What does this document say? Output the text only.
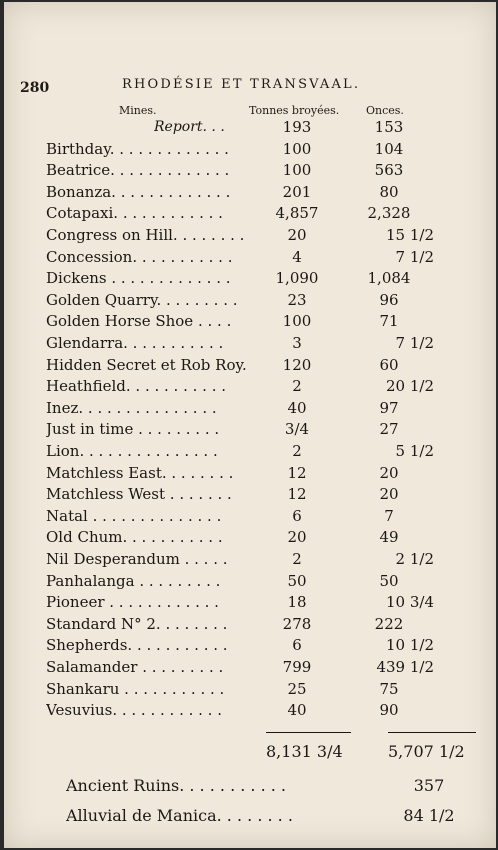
280	RHODÉSIE ET TRANSVAAL.
Mines.	Tonnes broyées. Onces.
Report. . .	193	153
Birthday. . . . . . . . . . . . .	100	104
Beatrice. . . . . . . . . . . . .	100	563
Bonanza. . . . . . . . . . . . .	201	80
Cotapaxi. . . . . . . . . . . .	4,857	2,328
Congress on Hill. . . . . . . .	20	15 1/2
Concession. . . . . . . . . . .	4	7 1/2
Dickens . . . . . . . . . . . . .	1,090	1,084
Golden Quarry. . . . . . . . .	23	96
Golden Horse Shoe . . . .	100	71
Glendarra. . . . . . . . . . .	3	7 1/2
Hidden Secret et Rob Roy.	120	60
Heathfield. . . . . . . . . . .	2	20 1/2
Inez. . . . . . . . . . . . . . .	40	97
Just in time . . . . . . . . .	3/4	27
Lion. . . . . . . . . . . . . . .	2	5 1/2
Matchless East. . . . . . . .	12	20
Matchless West . . . . . . .	12	20
Natal . . . . . . . . . . . . . .	6	7
Old Chum. . . . . . . . . . .	20	49
Nil Desperandum . . . . .	2	2 1/2
Panhalanga . . . . . . . . .	50	50
Pioneer . . . . . . . . . . . .	18	10 3/4
Standard N° 2. . . . . . . .	278	222
Shepherds. . . . . . . . . . .	6	10 1/2
Salamander . . . . . . . . .	799	439 1/2
Shankaru . . . . . . . . . . .	25	75
Vesuvius. . . . . . . . . . . .	40	90
8,131 3/4	5,707 1/2
Ancient Ruins. . . . . . . . . . .	357
Alluvial de Manica. . . . . . . .	84 1/2
